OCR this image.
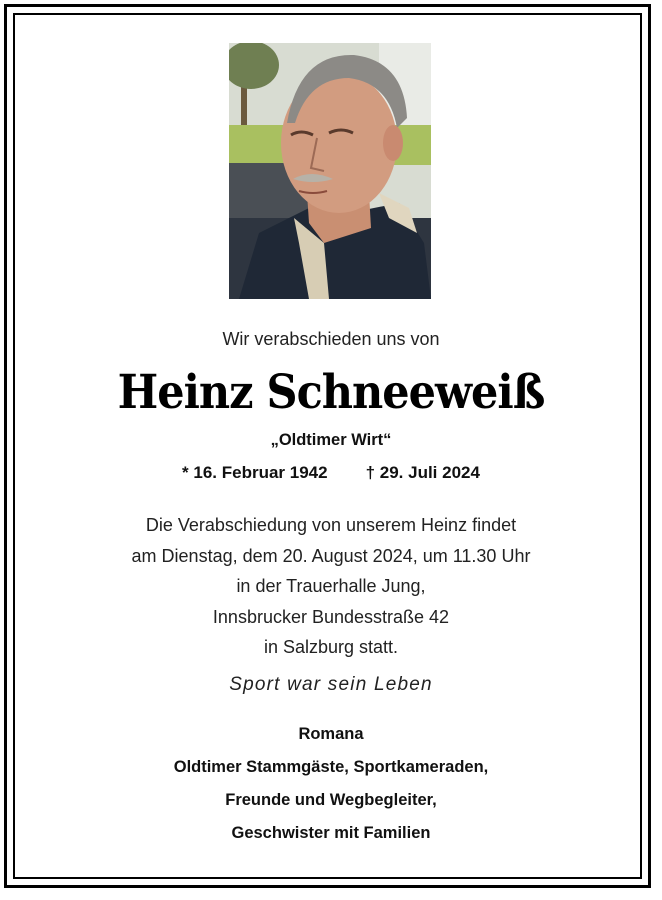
Wir verabschieden uns von
Heinz Schneeweiß
„Oldtimer Wirt“
* 16. Februar 1942 † 29. Juli 2024
Die Verabschiedung von unserem Heinz findet
am Dienstag, dem 20. August 2024, um 11.30 Uhr
in der Trauerhalle Jung,
Innsbrucker Bundesstraße 42
in Salzburg statt.
Sport war sein Leben
Romana
Oldtimer Stammgäste, Sportkameraden,
Freunde und Wegbegleiter,
Geschwister mit Familien
